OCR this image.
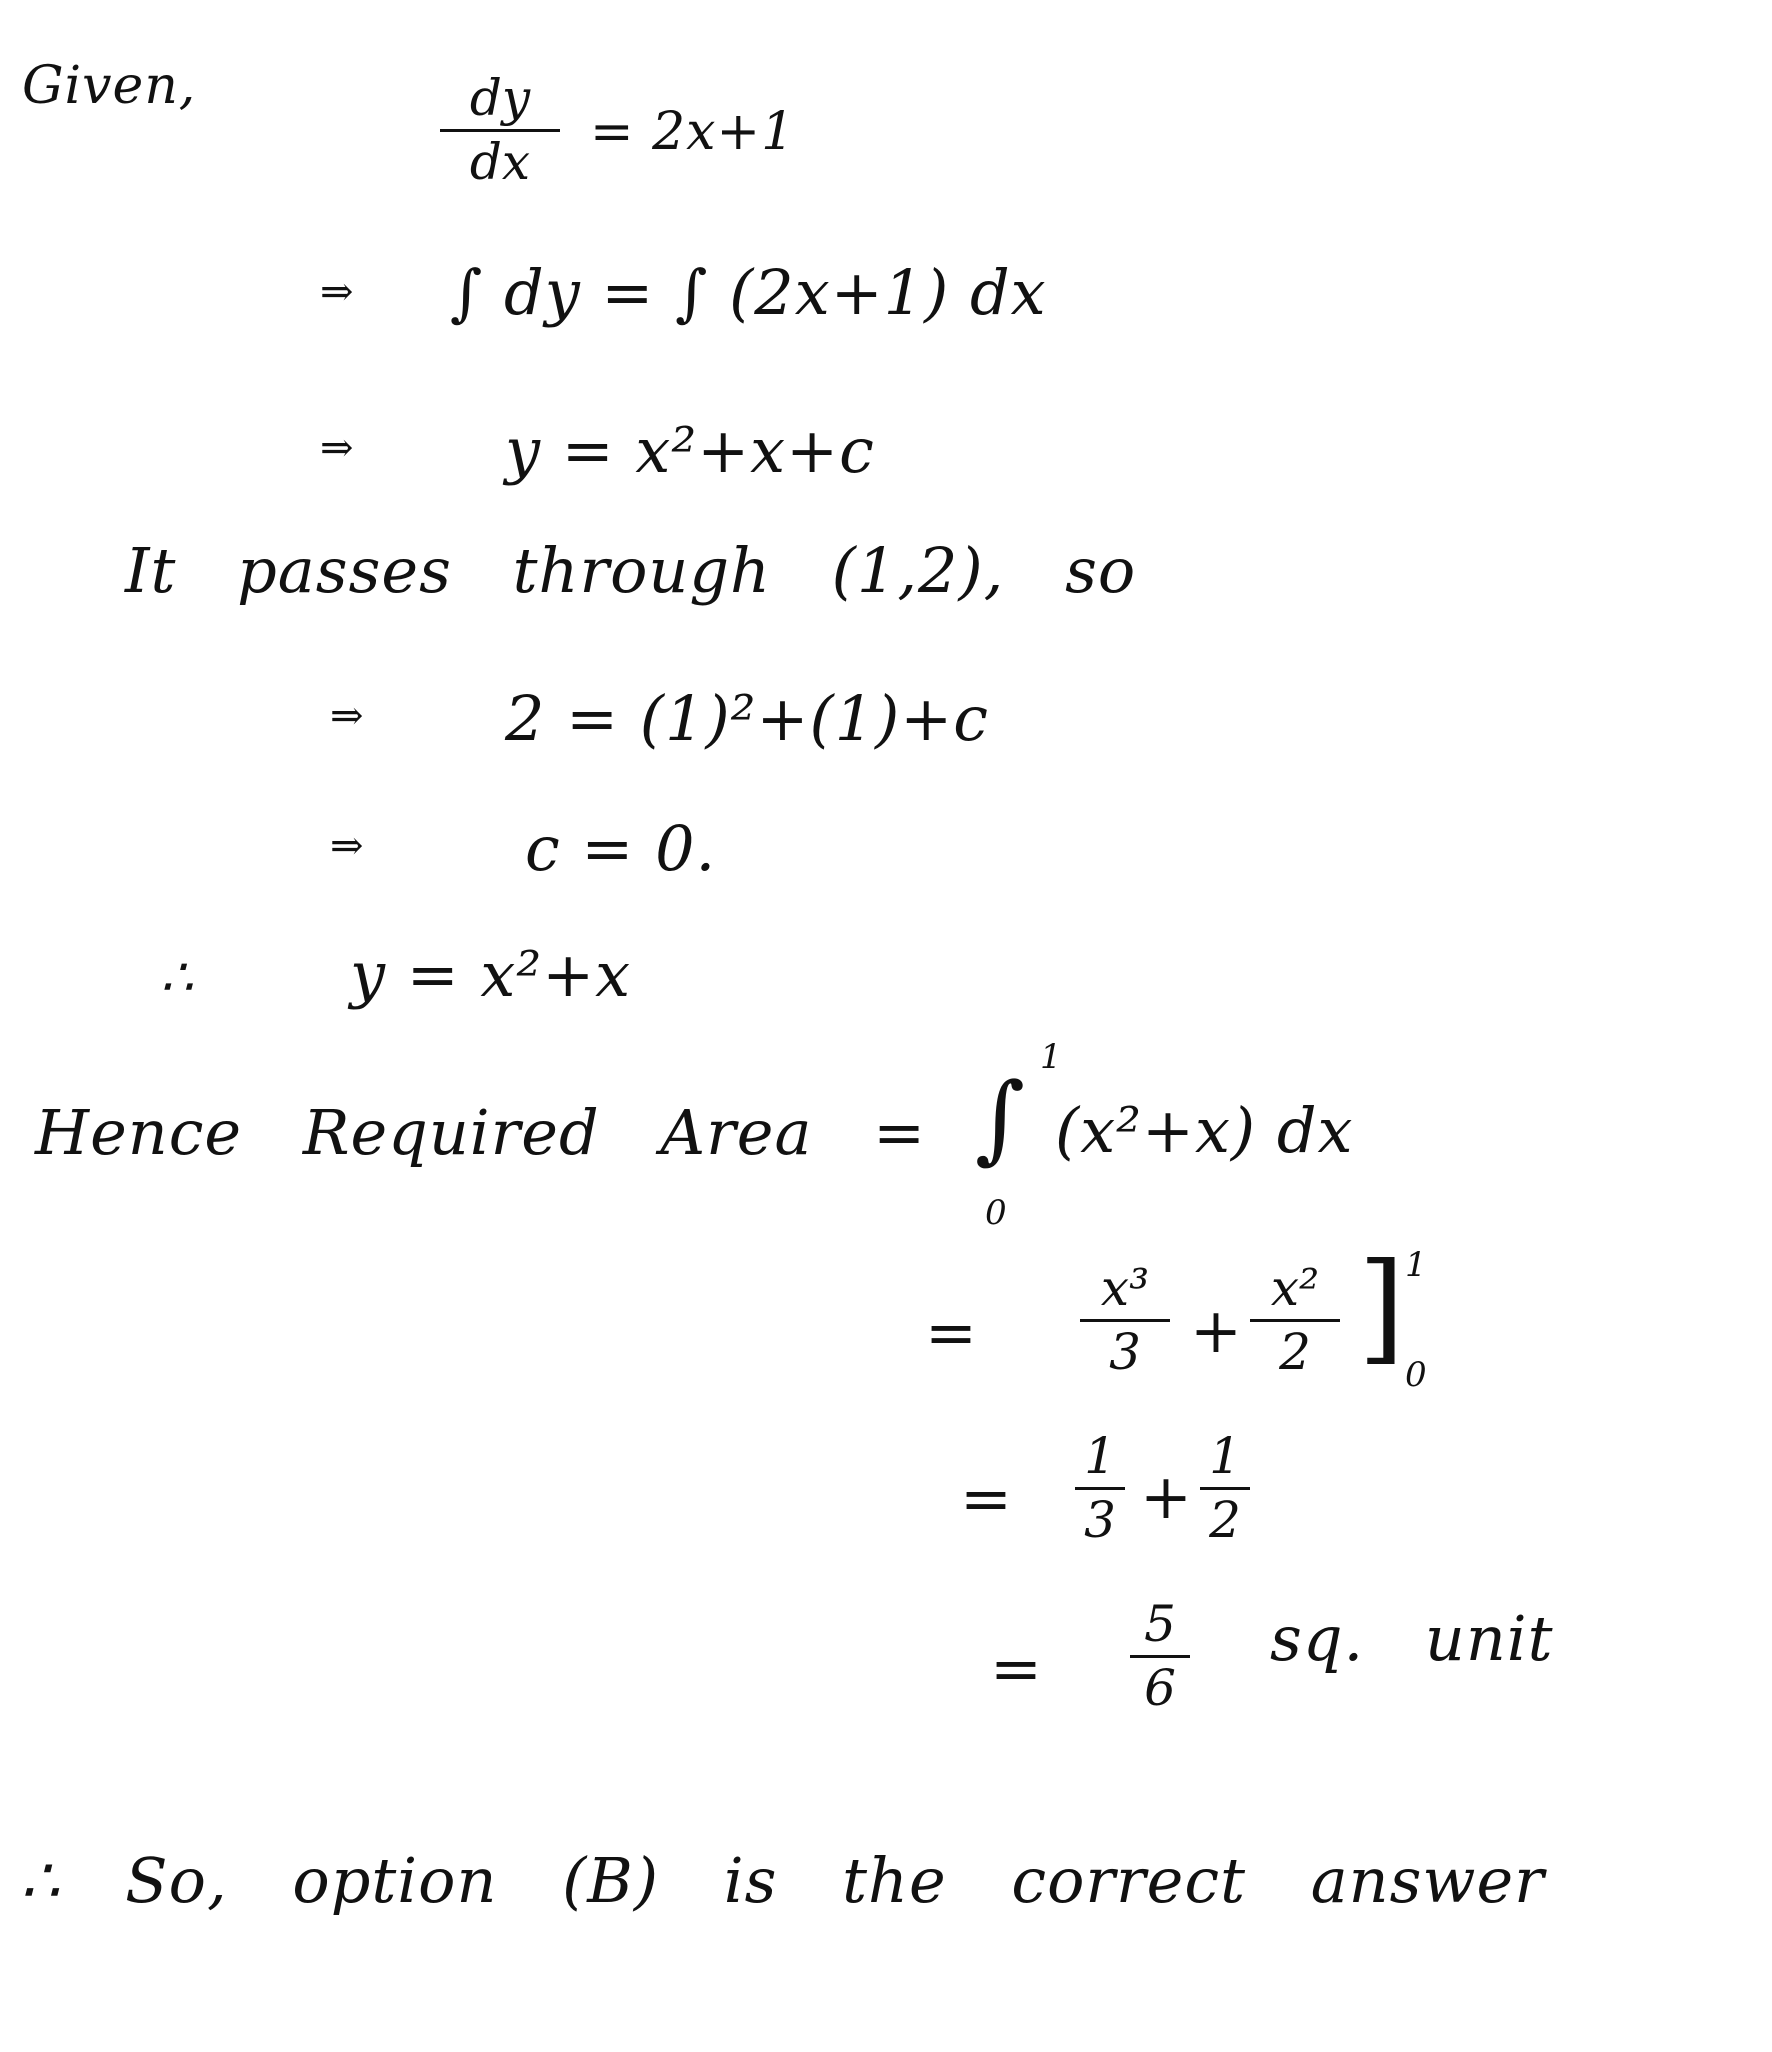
Given,	dy
dx = 2x+1
⇒ ∫ dy = ∫ (2x+1) dx
⇒ y = x²+x+c
It passes through (1,2), so
⇒ 2 = (1)²+(1)+c
⇒	c = 0.
∴	y = x²+x
Hence Required Area = ∫
1
0
(x²+x) dx
=
x³
3 +
x²
2 ] 1
0
=
1
3 +
1
2
=
5
6
sq. unit
∴ So, option (B) is the correct answer
